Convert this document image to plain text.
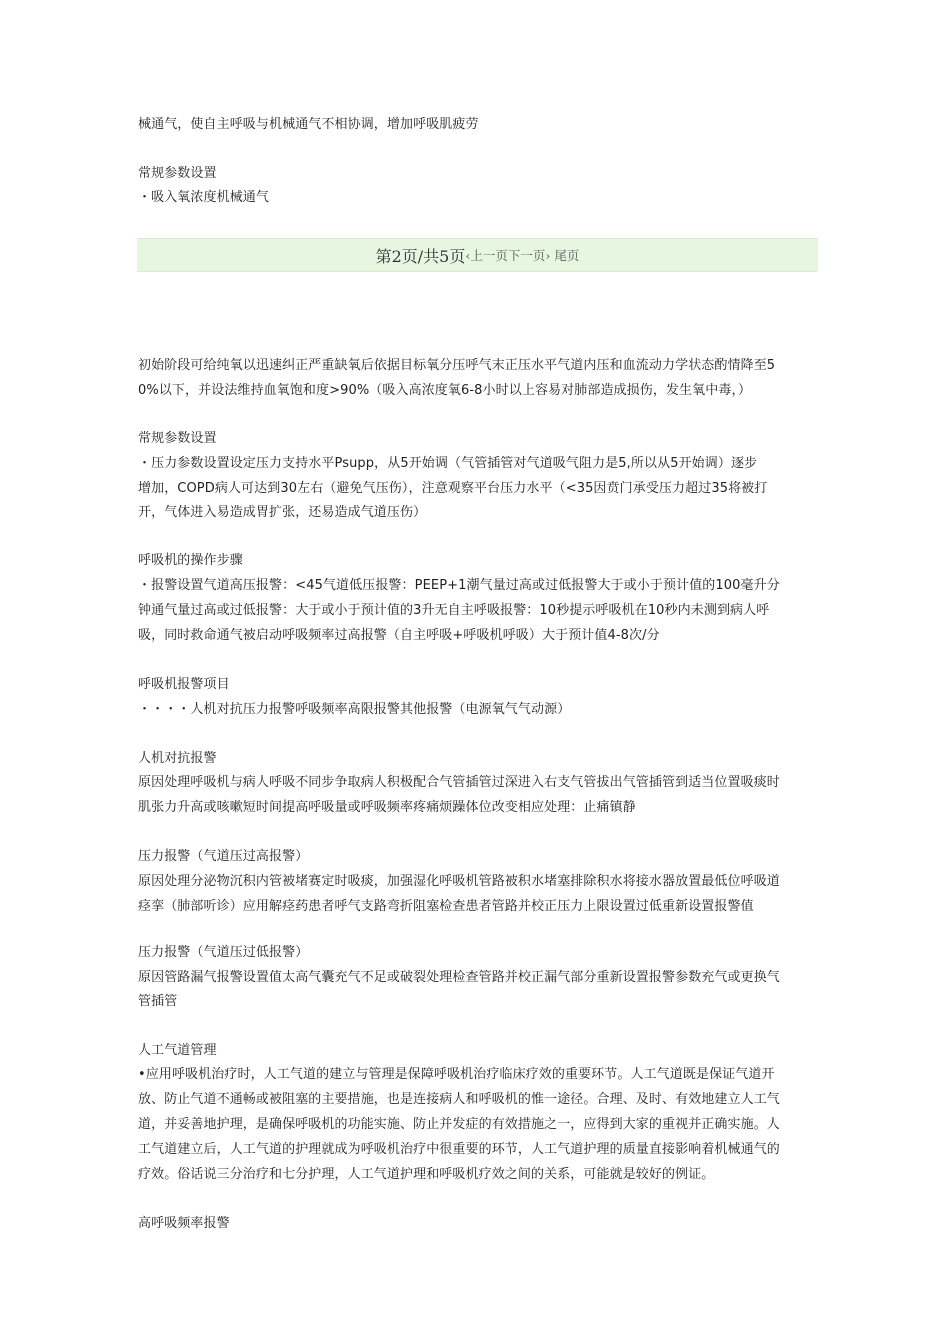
械通气，使自主呼吸与机械通气不相协调，增加呼吸肌疲劳

常规参数设置

・吸入氧浓度机械通气

第2页/共5页 ‹上一页 下一页› 尾页

初始阶段可给纯氧以迅速纠正严重缺氧后依据目标氧分压呼气末正压水平气道内压和血流动力学状态酌情降至5

0%以下，并设法维持血氧饱和度>90%（吸入高浓度氧6-8小时以上容易对肺部造成损伤，发生氧中毒，）

常规参数设置

・压力参数设置设定压力支持水平Psupp，从5开始调（气管插管对气道吸气阻力是5,所以从5开始调）逐步

增加，COPD病人可达到30左右（避免气压伤），注意观察平台压力水平（<35因贲门承受压力超过35将被打

开，气体进入易造成胃扩张，还易造成气道压伤）

呼吸机的操作步骤

・报警设置气道高压报警：<45气道低压报警：PEEP+1潮气量过高或过低报警大于或小于预计值的100毫升分

钟通气量过高或过低报警：大于或小于预计值的3升无自主呼吸报警：10秒提示呼吸机在10秒内未测到病人呼

吸，同时救命通气被启动呼吸频率过高报警（自主呼吸+呼吸机呼吸）大于预计值4-8次/分

呼吸机报警项目

・・・・人机对抗压力报警呼吸频率高限报警其他报警（电源氧气气动源）

人机对抗报警

原因处理呼吸机与病人呼吸不同步争取病人积极配合气管插管过深进入右支气管拔出气管插管到适当位置吸痰时

肌张力升高或咳嗽短时间提高呼吸量或呼吸频率疼痛烦躁体位改变相应处理：止痛镇静

压力报警（气道压过高报警）

原因处理分泌物沉积内管被堵赛定时吸痰，加强湿化呼吸机管路被积水堵塞排除积水将接水器放置最低位呼吸道

痉挛（肺部听诊）应用解痉药患者呼气支路弯折阻塞检查患者管路并校正压力上限设置过低重新设置报警值

压力报警（气道压过低报警）

原因管路漏气报警设置值太高气囊充气不足或破裂处理检查管路并校正漏气部分重新设置报警参数充气或更换气

管插管

人工气道管理

•应用呼吸机治疗时，人工气道的建立与管理是保障呼吸机治疗临床疗效的重要环节。人工气道既是保证气道开

放、防止气道不通畅或被阻塞的主要措施，也是连接病人和呼吸机的惟一途径。合理、及时、有效地建立人工气

道，并妥善地护理，是确保呼吸机的功能实施、防止并发症的有效措施之一，应得到大家的重视并正确实施。人

工气道建立后，人工气道的护理就成为呼吸机治疗中很重要的环节，人工气道护理的质量直接影响着机械通气的

疗效。俗话说三分治疗和七分护理，人工气道护理和呼吸机疗效之间的关系，可能就是较好的例证。

高呼吸频率报警
